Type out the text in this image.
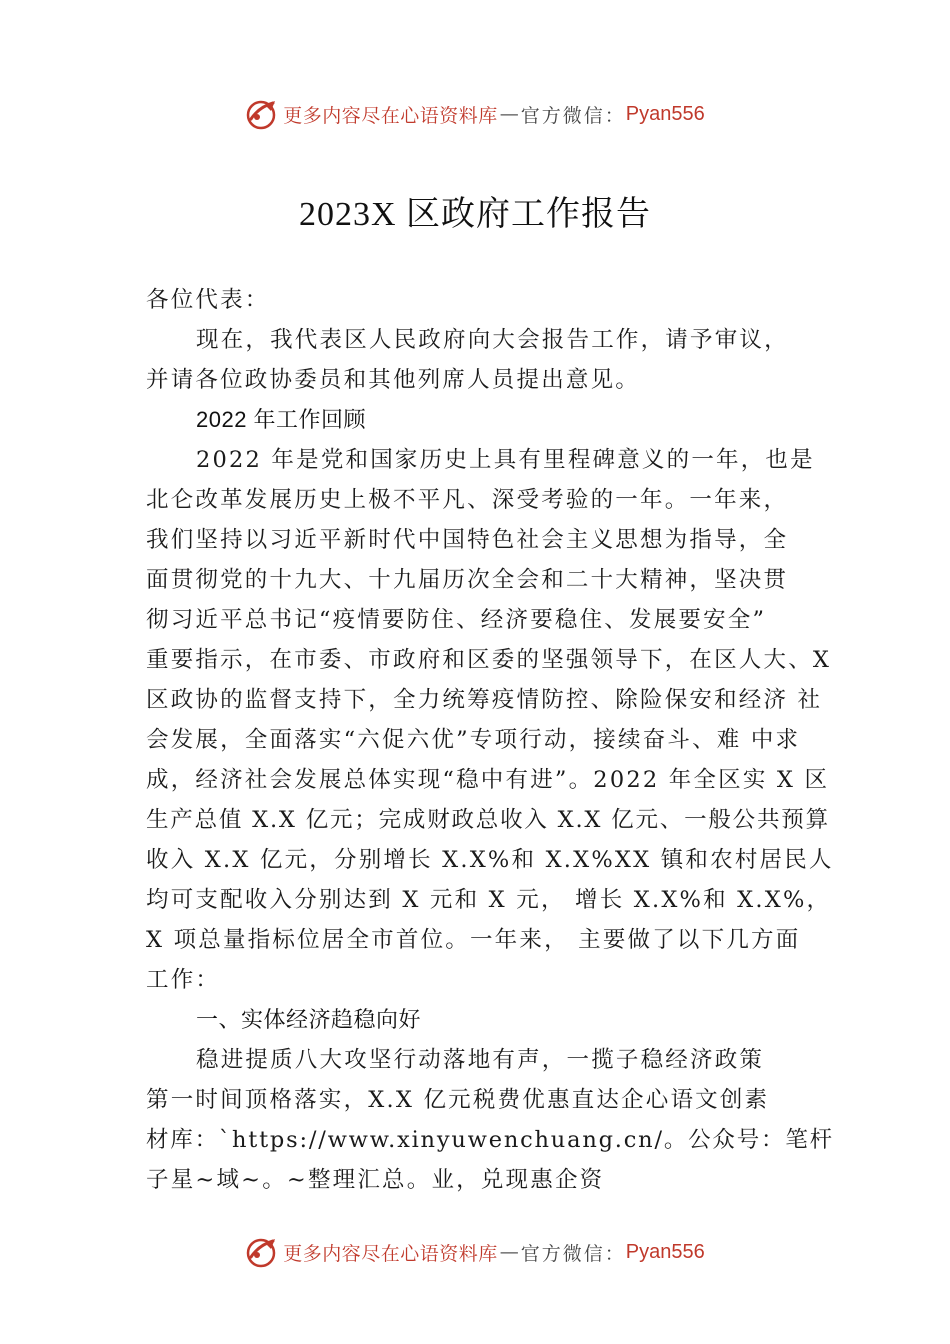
更多内容尽在心语资料库 — 官方微信： Pyan556
2023X 区政府工作报告
各位代表：
现在，我代表区人民政府向大会报告工作，请予审议，
并请各位政协委员和其他列席人员提出意见。
2022 年工作回顾
2022 年是党和国家历史上具有里程碑意义的一年，也是
北仑改革发展历史上极不平凡、深受考验的一年。一年来，
我们坚持以习近平新时代中国特色社会主义思想为指导，全
面贯彻党的十九大、十九届历次全会和二十大精神，坚决贯
彻习近平总书记“疫情要防住、经济要稳住、发展要安全”
重要指示，在市委、市政府和区委的坚强领导下，在区人大、X
区政协的监督支持下，全力统筹疫情防控、除险保安和经济 社
会发展，全面落实“六促六优”专项行动，接续奋斗、难 中求
成，经济社会发展总体实现“稳中有进”。2022 年全区实 X 区
生产总值 X.X 亿元；完成财政总收入 X.X 亿元、一般公共预算
收入 X.X 亿元，分别增长 X.X%和 X.X%XX 镇和农村居民人
均可支配收入分别达到 X 元和 X 元， 增长 X.X%和 X.X%，
X 项总量指标位居全市首位。一年来， 主要做了以下几方面
工作：
一、实体经济趋稳向好
稳进提质八大攻坚行动落地有声，一揽子稳经济政策
第一时间顶格落实，X.X 亿元税费优惠直达企心语文创素
材库：`https://www.xinyuwenchuang.cn/。公众号：笔杆
子星~域~。~整理汇总。业，兑现惠企资
更多内容尽在心语资料库 — 官方微信： Pyan556
